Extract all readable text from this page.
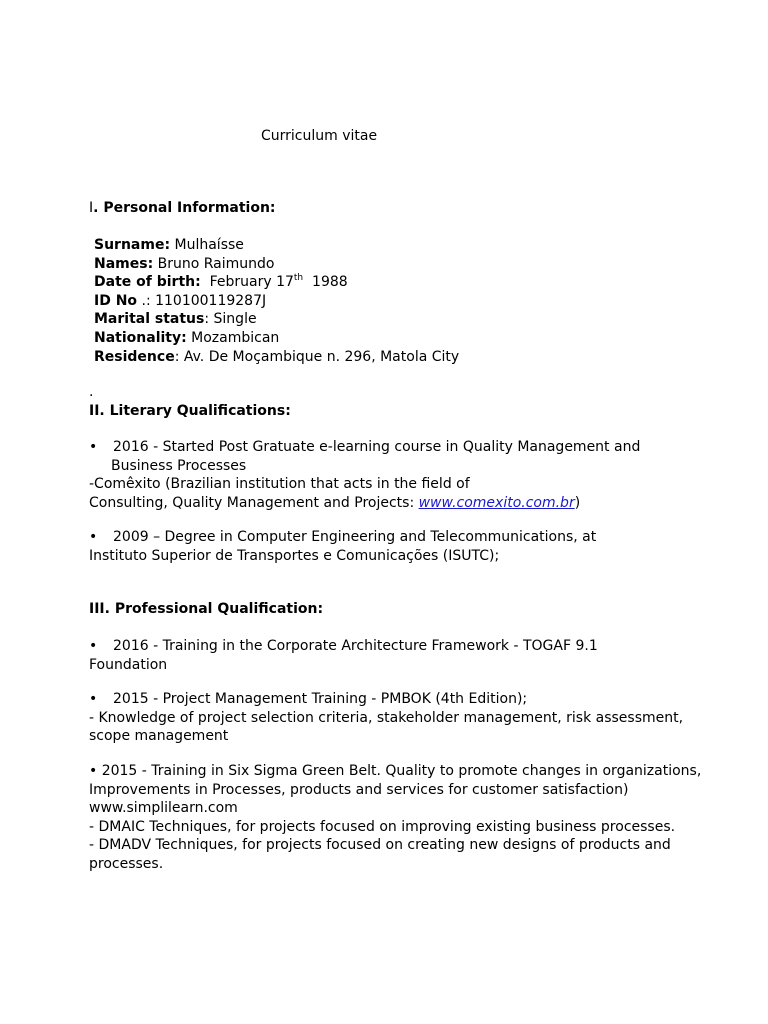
Curriculum vitae
I. Personal Information:
Surname: Mulhaísse
Names: Bruno Raimundo
Date of birth:  February 17th  1988
ID No .: 110100119287J
Marital status: Single
Nationality: Mozambican
Residence: Av. De Moçambique n. 296, Matola City
.
II. Literary Qualifications:
• 2016 - Started Post Gratuate e-learning course in Quality Management and
Business Processes
-Comêxito (Brazilian institution that acts in the field of
Consulting, Quality Management and Projects: www.comexito.com.br)
• 2009 – Degree in Computer Engineering and Telecommunications, at
Instituto Superior de Transportes e Comunicações (ISUTC);
III. Professional Qualification:
• 2016 - Training in the Corporate Architecture Framework - TOGAF 9.1
Foundation
• 2015 - Project Management Training - PMBOK (4th Edition);
- Knowledge of project selection criteria, stakeholder management, risk assessment,
scope management
• 2015 - Training in Six Sigma Green Belt. Quality to promote changes in organizations,
Improvements in Processes, products and services for customer satisfaction)
www.simplilearn.com
- DMAIC Techniques, for projects focused on improving existing business processes.
- DMADV Techniques, for projects focused on creating new designs of products and
processes.
